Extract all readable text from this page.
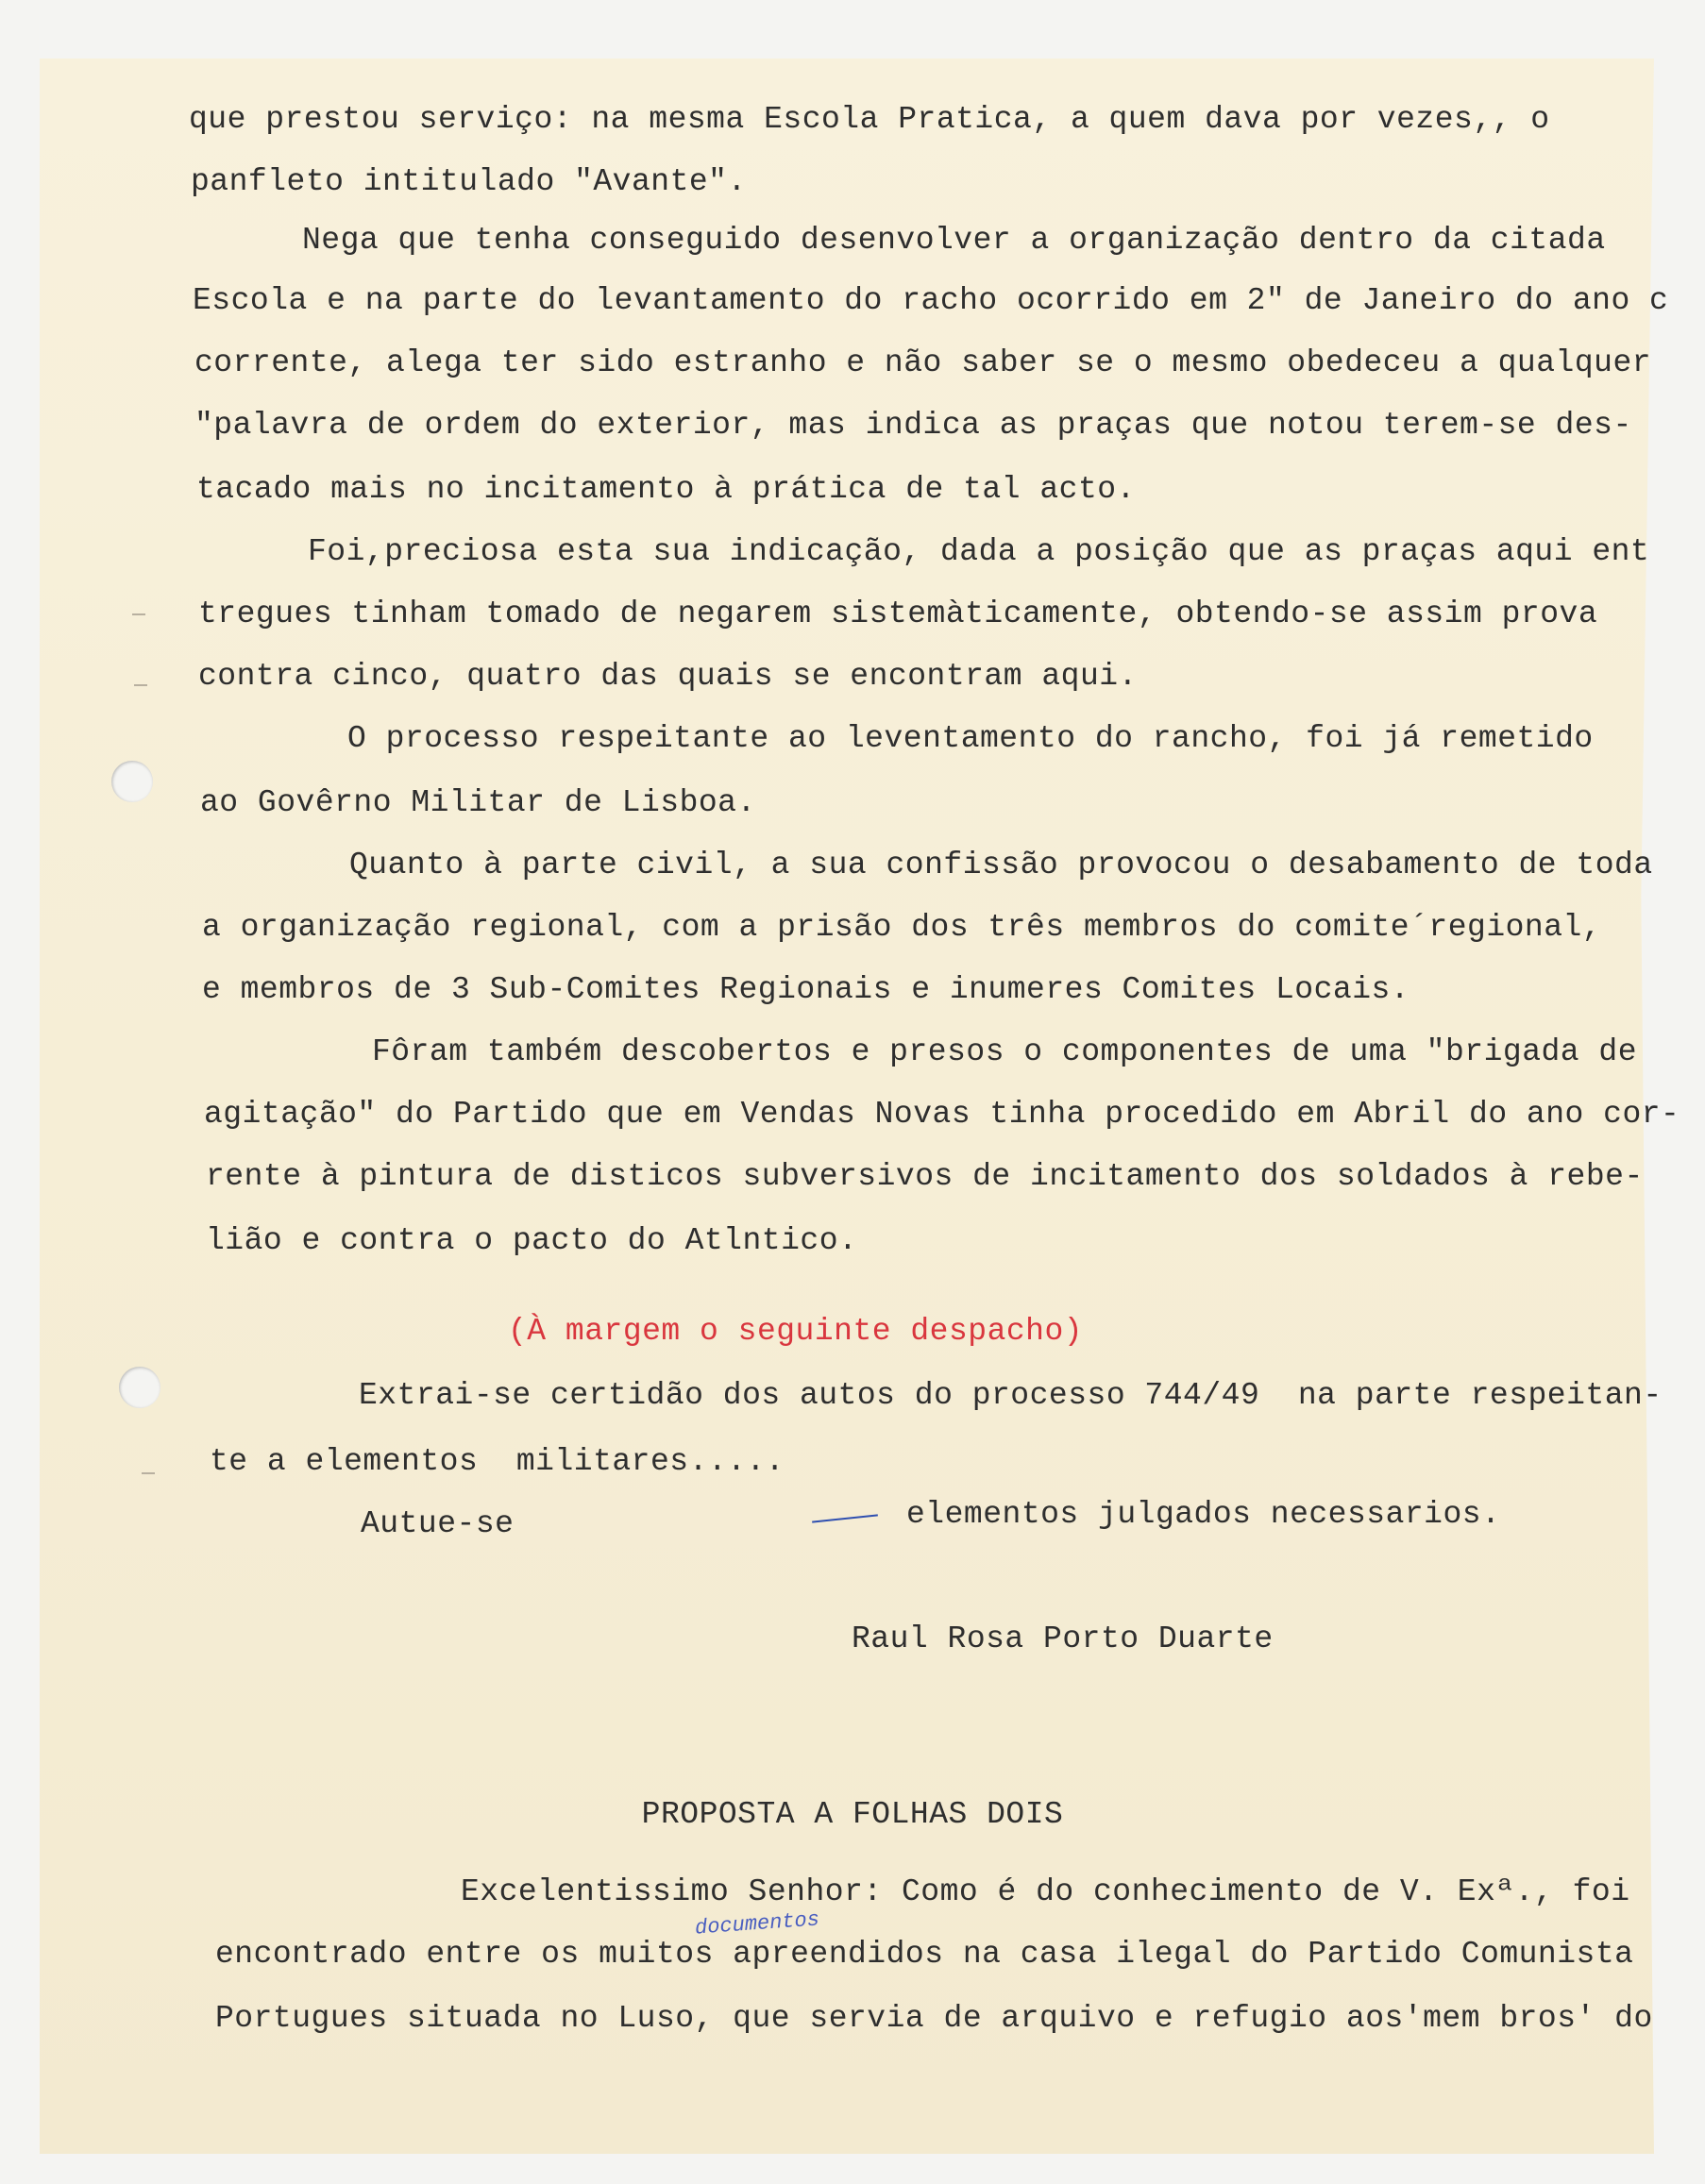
que prestou serviço: na mesma Escola Pratica, a quem dava por vezes,, o
panfleto intitulado "Avante".
Nega que tenha conseguido desenvolver a organização dentro da citada
Escola e na parte do levantamento do racho ocorrido em 2" de Janeiro do ano c
corrente, alega ter sido estranho e não saber se o mesmo obedeceu a qualquer
"palavra de ordem do exterior, mas indica as praças que notou terem-se des-
tacado mais no incitamento à prática de tal acto.
Foi,preciosa esta sua indicação, dada a posição que as praças aqui ent
tregues tinham tomado de negarem sistemàticamente, obtendo-se assim prova
contra cinco, quatro das quais se encontram aqui.
O processo respeitante ao leventamento do rancho, foi já remetido
ao Govêrno Militar de Lisboa.
Quanto à parte civil, a sua confissão provocou o desabamento de toda
a organização regional, com a prisão dos três membros do comite´regional,
e membros de 3 Sub-Comites Regionais e inumeres Comites Locais.
Fôram também descobertos e presos o componentes de uma "brigada de
agitação" do Partido que em Vendas Novas tinha procedido em Abril do ano cor-
rente à pintura de disticos subversivos de incitamento dos soldados à rebe-
lião e contra o pacto do Atlntico.
(À margem o seguinte despacho)
Extrai-se certidão dos autos do processo 744/49  na parte respeitan-
te a elementos  militares.....
Autue-se	elementos julgados necessarios.
Raul Rosa Porto Duarte
PROPOSTA A FOLHAS DOIS
Excelentissimo Senhor: Como é do conhecimento de V. Exª., foi
documentos
encontrado entre os muitos apreendidos na casa ilegal do Partido Comunista
Portugues situada no Luso, que servia de arquivo e refugio aos'mem bros' do
